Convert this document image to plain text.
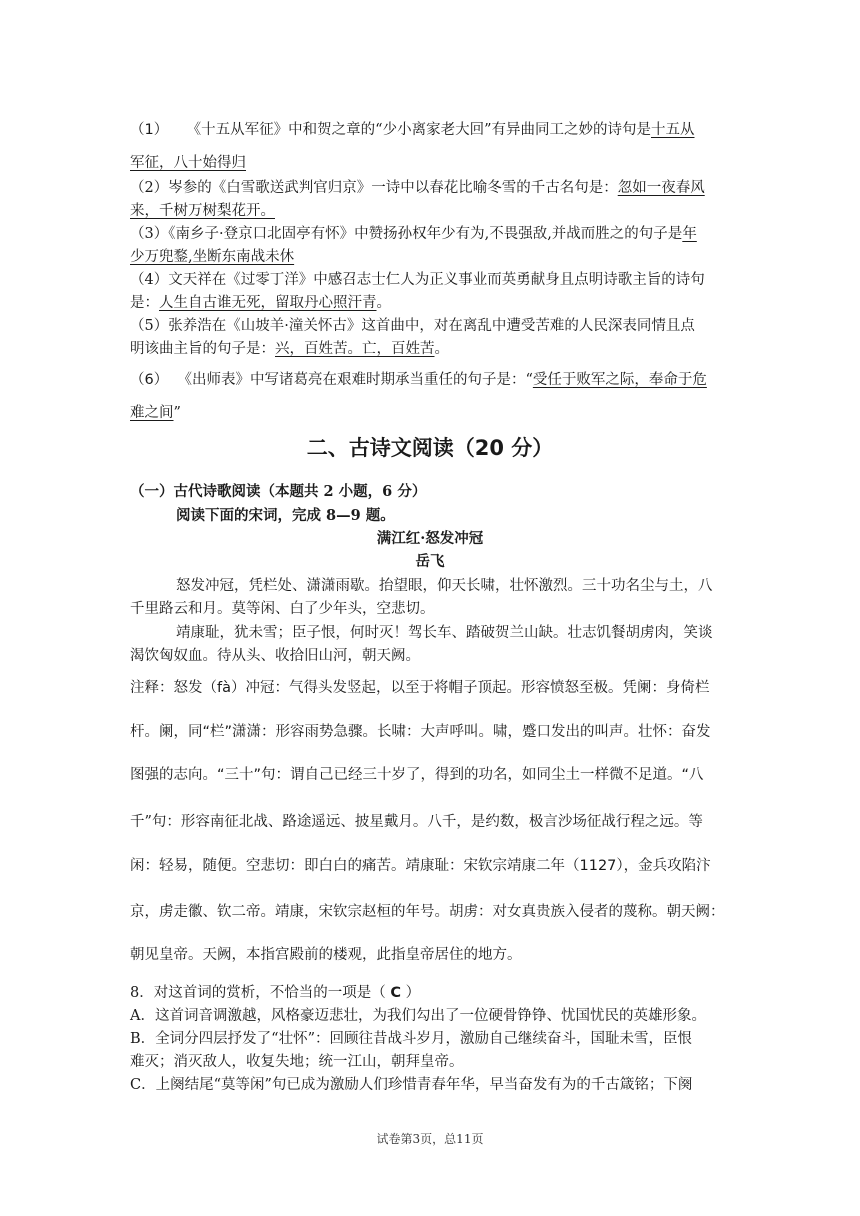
（1） 《十五从军征》中和贺之章的“少小离家老大回”有异曲同工之妙的诗句是十五从
军征，八十始得归
（2）岑参的《白雪歌送武判官归京》一诗中以春花比喻冬雪的千古名句是：忽如一夜春风
来，千树万树梨花开。
（3）《南乡子·登京口北固亭有怀》中赞扬孙权年少有为,不畏强敌,并战而胜之的句子是年
少万兜鍪,坐断东南战未休
（4）文天祥在《过零丁洋》中感召志士仁人为正义事业而英勇献身且点明诗歌主旨的诗句
是：人生自古谁无死，留取丹心照汗青。
（5）张养浩在《山坡羊·潼关怀古》这首曲中，对在离乱中遭受苦难的人民深表同情且点
明该曲主旨的句子是：兴，百姓苦。亡，百姓苦。
（6） 《出师表》中写诸葛亮在艰难时期承当重任的句子是：“受任于败军之际，奉命于危
难之间”
二、古诗文阅读（20 分）
（一）古代诗歌阅读（本题共 2 小题，6 分）
阅读下面的宋词，完成 8—9 题。
满江红·怒发冲冠
岳飞
怒发冲冠，凭栏处、潇潇雨歇。抬望眼，仰天长啸，壮怀激烈。三十功名尘与土，八
千里路云和月。莫等闲、白了少年头，空悲切。
靖康耻，犹未雪；臣子恨，何时灭！驾长车、踏破贺兰山缺。壮志饥餐胡虏肉，笑谈
渴饮匈奴血。待从头、收拾旧山河，朝天阙。
注释：怒发（fà）冲冠：气得头发竖起，以至于将帽子顶起。形容愤怒至极。凭阑：身倚栏
杆。阑，同“栏”潇潇：形容雨势急骤。长啸：大声呼叫。啸，蹙口发出的叫声。壮怀：奋发
图强的志向。“三十”句：谓自己已经三十岁了，得到的功名，如同尘土一样微不足道。“八
千”句：形容南征北战、路途遥远、披星戴月。八千，是约数，极言沙场征战行程之远。等
闲：轻易，随便。空悲切：即白白的痛苦。靖康耻：宋钦宗靖康二年（1127），金兵攻陷汴
京，虏走徽、钦二帝。靖康，宋钦宗赵桓的年号。胡虏：对女真贵族入侵者的蔑称。朝天阙：
朝见皇帝。天阙，本指宫殿前的楼观，此指皇帝居住的地方。
8．对这首词的赏析，不恰当的一项是（ C ）
A．这首词音调激越，风格豪迈悲壮，为我们勾出了一位硬骨铮铮、忧国忧民的英雄形象。
B．全词分四层抒发了“壮怀”：回顾往昔战斗岁月，激励自己继续奋斗，国耻未雪，臣恨
难灭；消灭敌人，收复失地；统一江山，朝拜皇帝。
C．上阕结尾“莫等闲”句已成为激励人们珍惜青春年华，早当奋发有为的千古箴铭；下阕
试卷第3页，总11页
